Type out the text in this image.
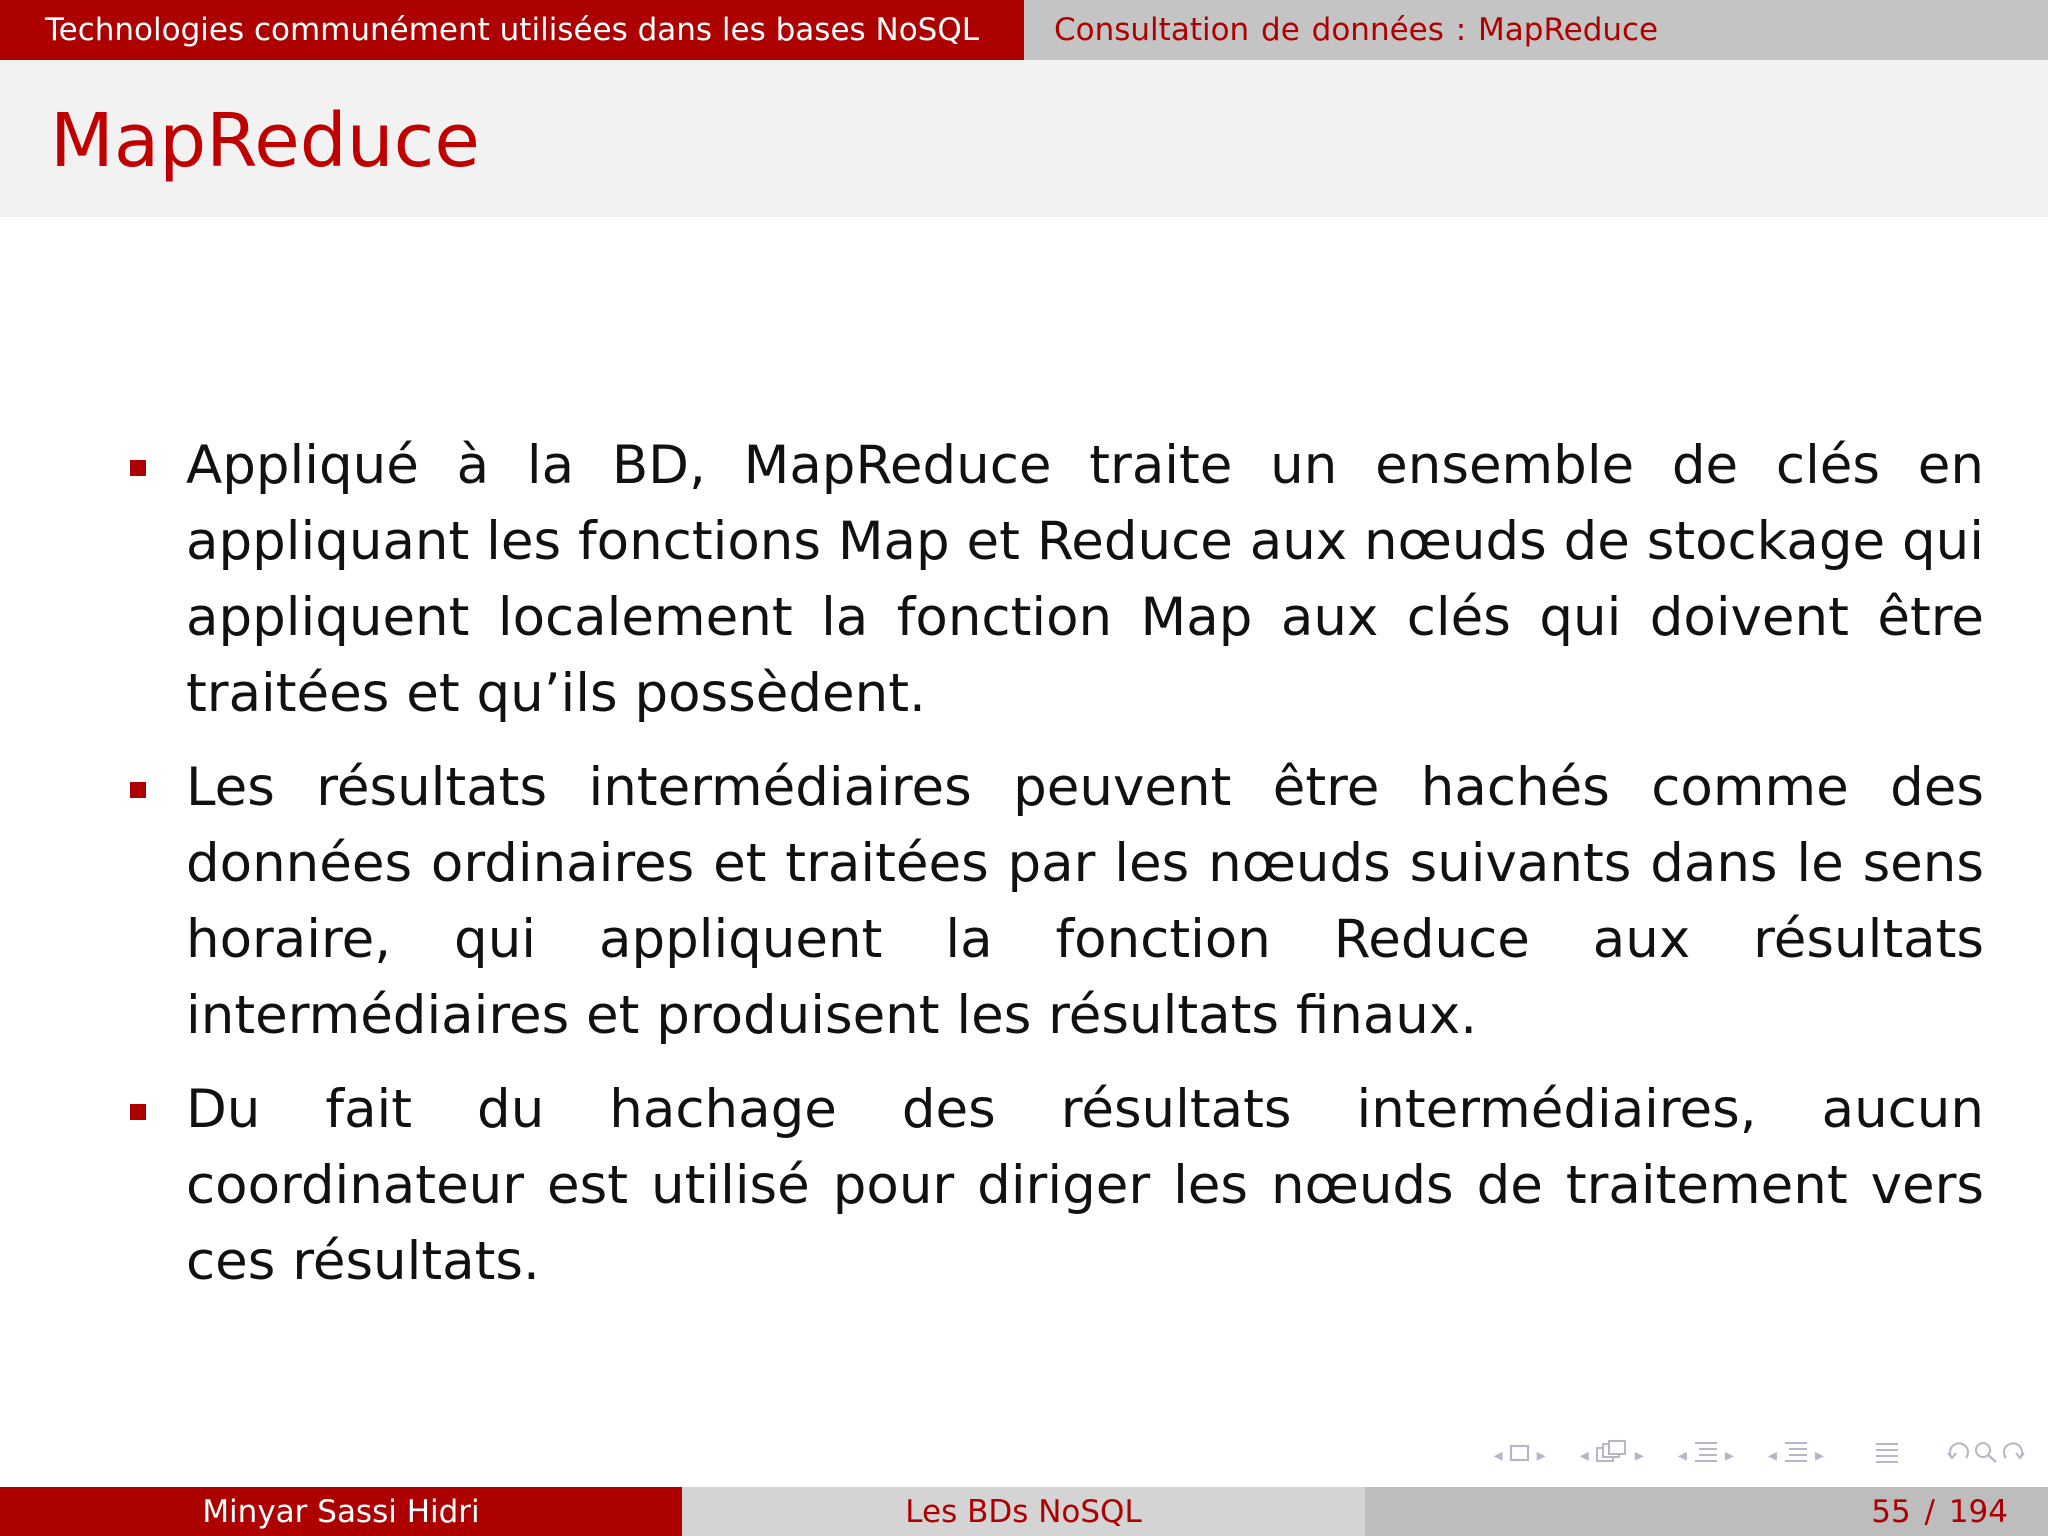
Technologies communément utilisées dans les bases NoSQL Consultation de données : MapReduce
MapReduce
Appliqué à la BD, MapReduce traite un ensemble de clés en appliquant les fonctions Map et Reduce aux nœuds de stockage qui appliquent localement la fonction Map aux clés qui doivent être traitées et qu’ils possèdent.
Les résultats intermédiaires peuvent être hachés comme des données ordinaires et traitées par les nœuds suivants dans le sens horaire, qui appliquent la fonction Reduce aux résultats intermédiaires et produisent les résultats finaux.
Du fait du hachage des résultats intermédiaires, aucun coordinateur est utilisé pour diriger les nœuds de traitement vers ces résultats.
◂	▸	◂	▸	◂	▸	◂	▸
Minyar Sassi Hidri	Les BDs NoSQL	55 / 194
